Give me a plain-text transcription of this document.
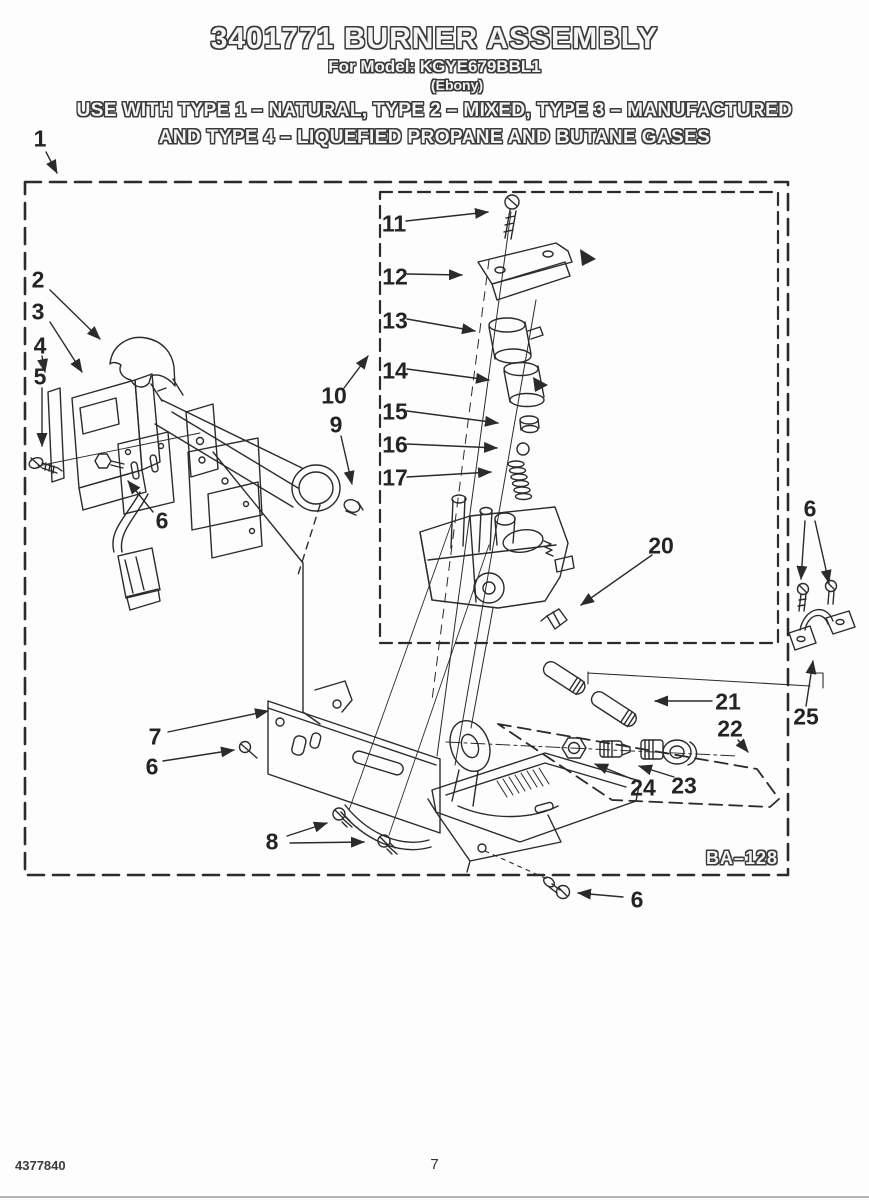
3401771 BURNER ASSEMBLY
For Model: KGYE679BBL1
(Ebony)
USE WITH TYPE 1 – NATURAL, TYPE 2 – MIXED, TYPE 3 – MANUFACTURED
AND TYPE 4 – LIQUEFIED PROPANE AND BUTANE GASES
1
2
3
4
5
6
7
6
8
10
9
11
12
13
14
15
16
17
20
21
22
23
24
25
6
6
BA–128
4377840	7
